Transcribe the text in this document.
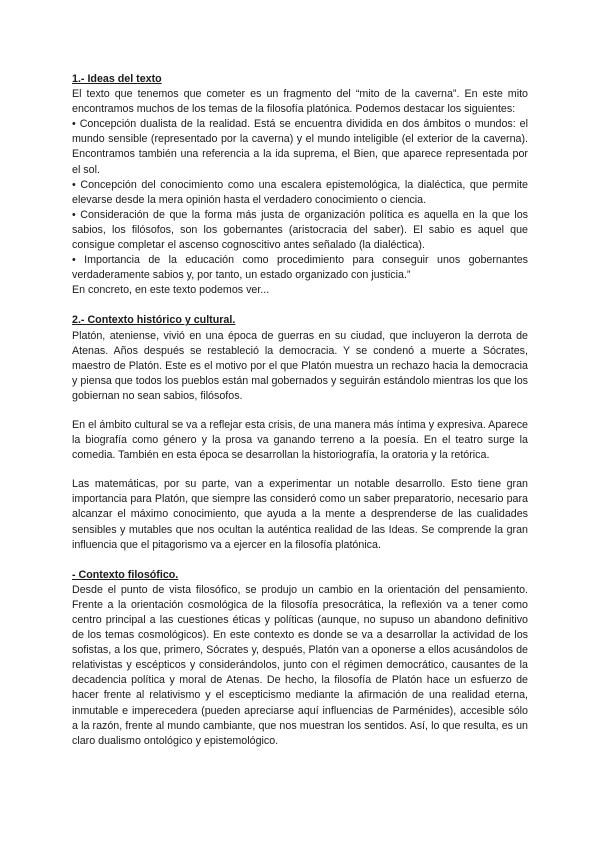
1.- Ideas del texto

El texto que tenemos que cometer es un fragmento del “mito de la caverna”. En este mito encontramos muchos de los temas de la filosofía platónica. Podemos destacar los siguientes:

• Concepción dualista de la realidad. Está se encuentra dividida en dos ámbitos o mundos: el mundo sensible (representado por la caverna) y el mundo inteligible (el exterior de la caverna). Encontramos también una referencia a la ida suprema, el Bien, que aparece representada por el sol.

• Concepción del conocimiento como una escalera epistemológica, la dialéctica, que permite elevarse desde la mera opinión hasta el verdadero conocimiento o ciencia.

• Consideración de que la forma más justa de organización política es aquella en la que los sabios, los filósofos, son los gobernantes (aristocracia del saber). El sabio es aquel que consigue completar el ascenso cognoscitivo antes señalado (la dialéctica).

• Importancia de la educación como procedimiento para conseguir unos gobernantes verdaderamente sabios y, por tanto, un estado organizado con justicia.”

En concreto, en este texto podemos ver...

2.- Contexto histórico y cultural.

Platón, ateniense, vivió en una época de guerras en su ciudad, que incluyeron la derrota de Atenas. Años después se restableció la democracia. Y se condenó a muerte a Sócrates, maestro de Platón. Este es el motivo por el que Platón muestra un rechazo hacia la democracia y piensa que todos los pueblos están mal gobernados y seguirán estándolo mientras los que los gobiernan no sean sabios, filósofos.

En el ámbito cultural se va a reflejar esta crisis, de una manera más íntima y expresiva. Aparece la biografía como género y la prosa va ganando terreno a la poesía. En el teatro surge la comedia. También en esta época se desarrollan la historiografía, la oratoria y la retórica.

Las matemáticas, por su parte, van a experimentar un notable desarrollo. Esto tiene gran importancia para Platón, que siempre las consideró como un saber preparatorio, necesario para alcanzar el máximo conocimiento, que ayuda a la mente a desprenderse de las cualidades sensibles y mutables que nos ocultan la auténtica realidad de las Ideas. Se comprende la gran influencia que el pitagorismo va a ejercer en la filosofía platónica.

- Contexto filosófico.

Desde el punto de vista filosófico, se produjo un cambio en la orientación del pensamiento. Frente a la orientación cosmológica de la filosofía presocrática, la reflexión va a tener como centro principal a las cuestiones éticas y políticas (aunque, no supuso un abandono definitivo de los temas cosmológicos). En este contexto es donde se va a desarrollar la actividad de los sofistas, a los que, primero, Sócrates y, después, Platón van a oponerse a ellos acusándolos de relativistas y escépticos y considerándolos, junto con el régimen democrático, causantes de la decadencia política y moral de Atenas. De hecho, la filosofía de Platón hace un esfuerzo de hacer frente al relativismo y el escepticismo mediante la afirmación de una realidad eterna, inmutable e imperecedera (pueden apreciarse aquí influencias de Parménides), accesible sólo a la razón, frente al mundo cambiante, que nos muestran los sentidos. Así, lo que resulta, es un claro dualismo ontológico y epistemológico.
